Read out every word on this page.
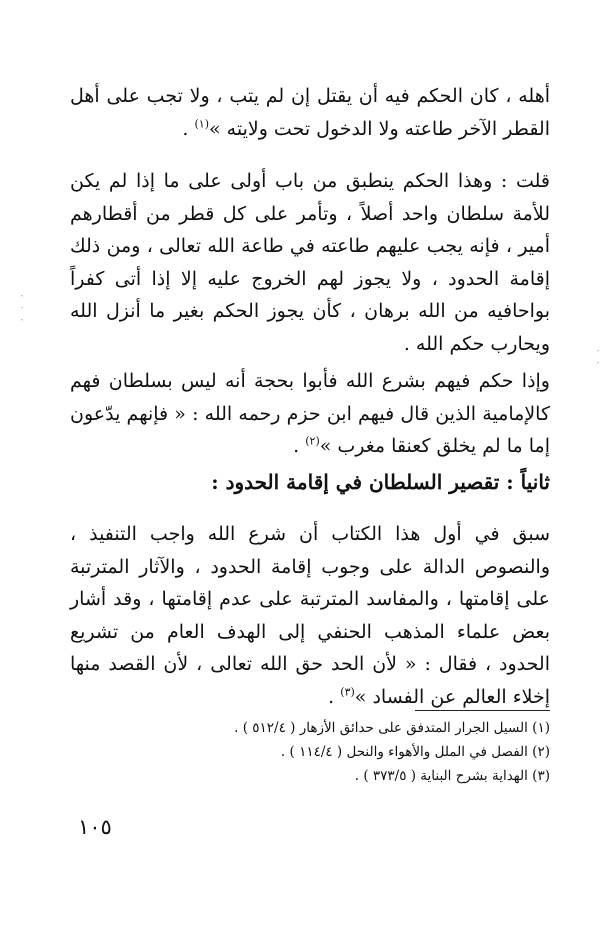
أهله ، كان الحكم فيه أن يقتل إن لم يتب ، ولا تجب على أهل القطر الآخر طاعته ولا الدخول تحت ولايته »$^{(١)}$ .

قلت : وهذا الحكم ينطبق من باب أولى على ما إذا لم يكن للأمة سلطان واحد أصلاً ، وتأمر على كل قطر من أقطارهم أمير ، فإنه يجب عليهم طاعته في طاعة الله تعالى ، ومن ذلك إقامة الحدود ، ولا يجوز لهم الخروج عليه إلا إذا أتى كفراً بواحافيه من الله برهان ، كأن يجوز الحكم بغير ما أنزل الله ويحارب حكم الله .

وإذا حكم فيهم بشرع الله فأبوا بحجة أنه ليس بسلطان فهم كالإمامية الذين قال فيهم ابن حزم رحمه الله : « فإنهم يدّعون إما ما لم يخلق كعنقا مغرب »$^{(٢)}$ .

ثانياً : تقصير السلطان في إقامة الحدود :

سبق في أول هذا الكتاب أن شرع الله واجب التنفيذ ، والنصوص الدالة على وجوب إقامة الحدود ، والآثار المترتبة على إقامتها ، والمفاسد المترتبة على عدم إقامتها ، وقد أشار بعض علماء المذهب الحنفي إلى الهدف العام من تشريع الحدود ، فقال : « لأن الحد حق الله تعالى ، لأن القصد منها إخلاء العالم عن الفساد »$^{(٣)}$ .

(١) السيل الجرار المتدفق على حدائق الأزهار ( ٥١٢/٤ ) .
(٢) الفصل في الملل والأهواء والنحل ( ١١٤/٤ ) .
(٣) الهداية بشرح البناية ( ٣٧٣/٥ ) .
١٠٥
·
·
·
·
·
